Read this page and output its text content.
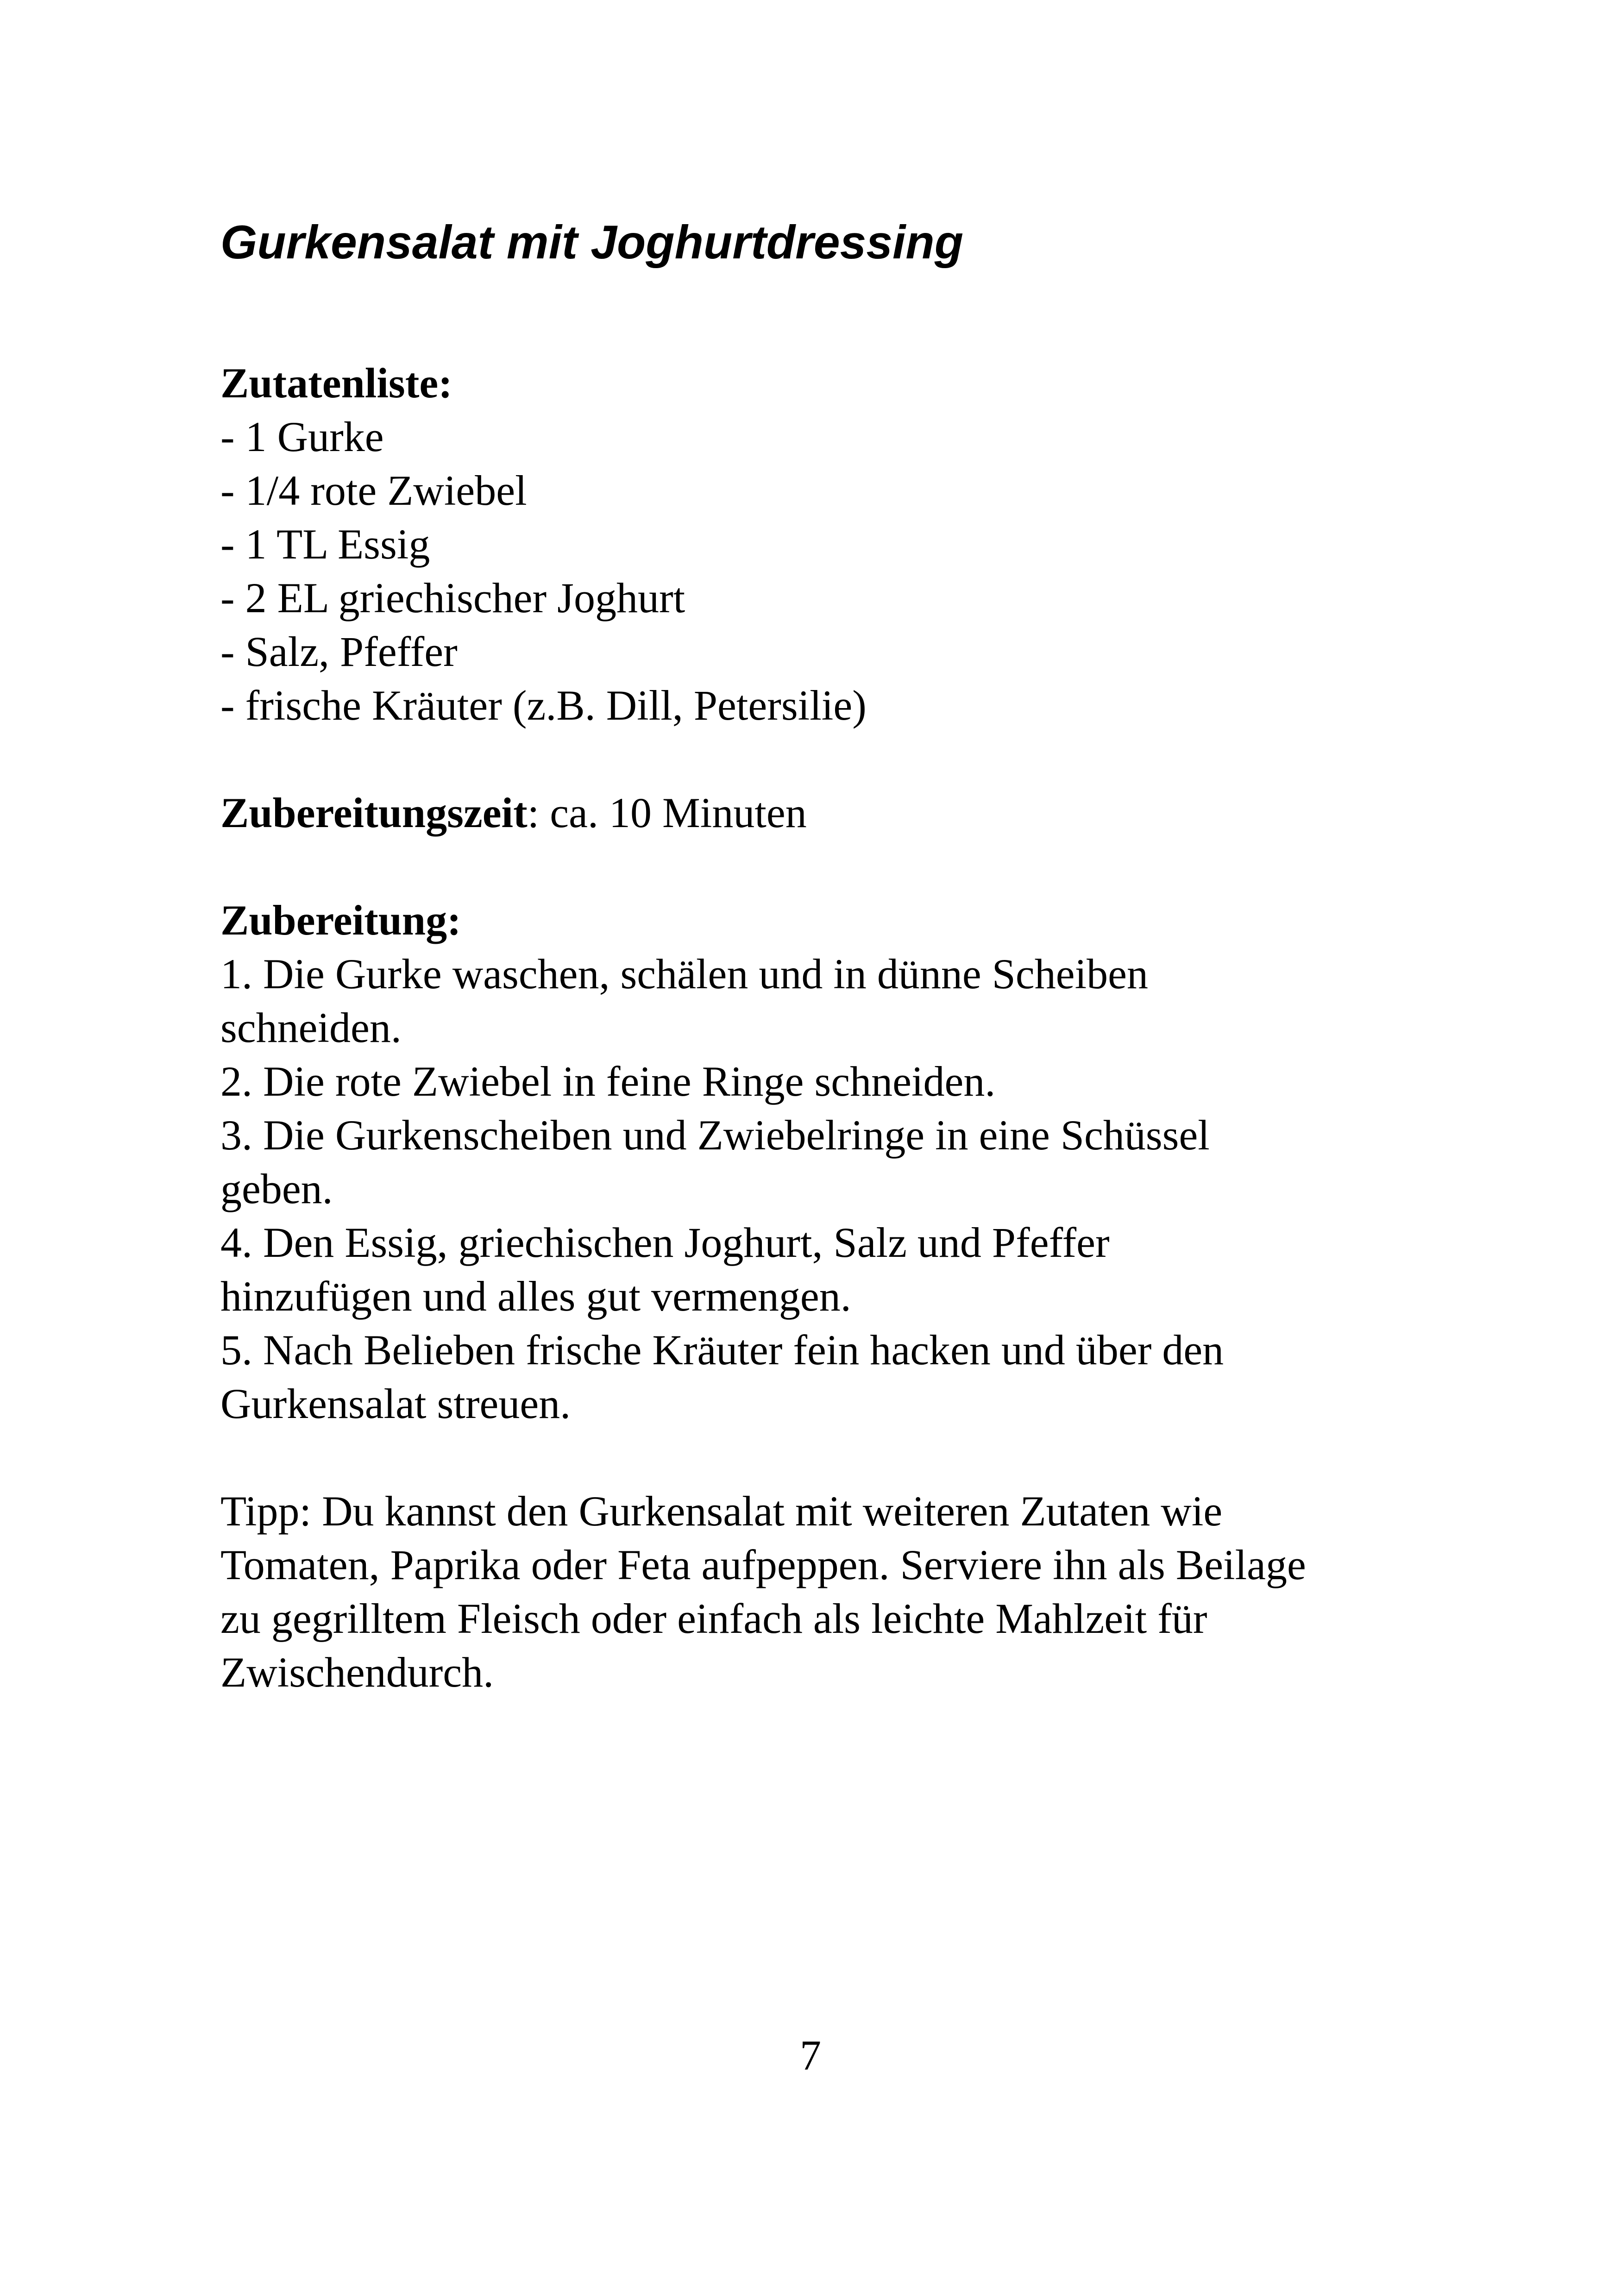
Gurkensalat mit Joghurtdressing
Zutatenliste:
- 1 Gurke
- 1/4 rote Zwiebel
- 1 TL Essig
- 2 EL griechischer Joghurt
- Salz, Pfeffer
- frische Kräuter (z.B. Dill, Petersilie)
Zubereitungszeit: ca. 10 Minuten
Zubereitung:
1. Die Gurke waschen, schälen und in dünne Scheiben
schneiden.
2. Die rote Zwiebel in feine Ringe schneiden.
3. Die Gurkenscheiben und Zwiebelringe in eine Schüssel
geben.
4. Den Essig, griechischen Joghurt, Salz und Pfeffer
hinzufügen und alles gut vermengen.
5. Nach Belieben frische Kräuter fein hacken und über den
Gurkensalat streuen.
Tipp: Du kannst den Gurkensalat mit weiteren Zutaten wie
Tomaten, Paprika oder Feta aufpeppen. Serviere ihn als Beilage
zu gegrilltem Fleisch oder einfach als leichte Mahlzeit für
Zwischendurch.
7
